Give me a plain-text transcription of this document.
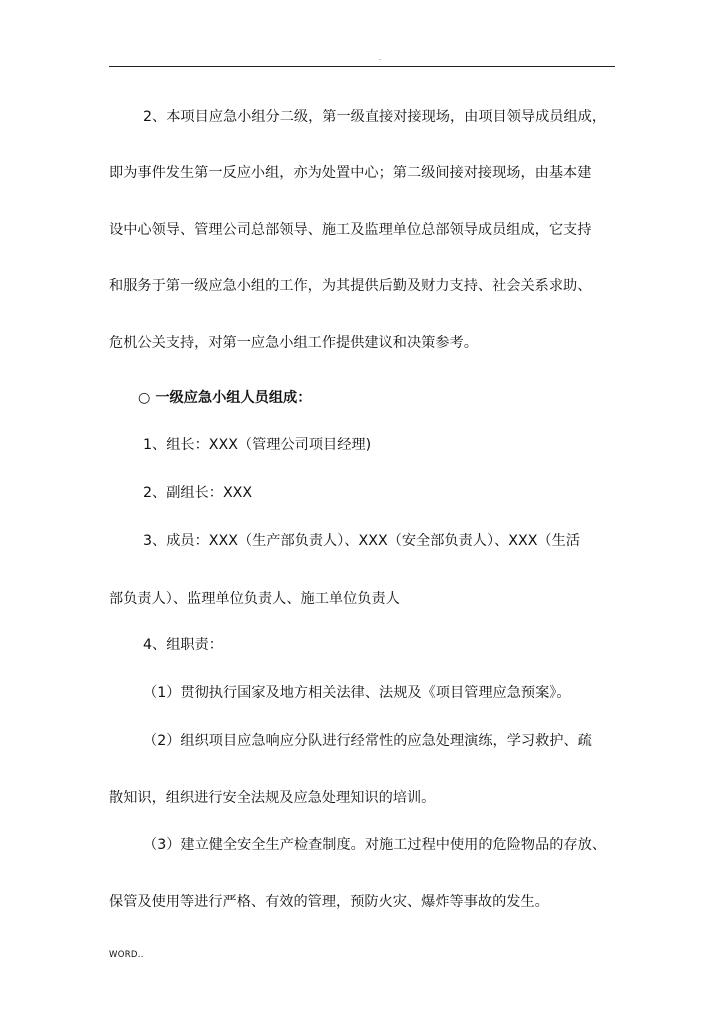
.
2、本项目应急小组分二级，第一级直接对接现场，由项目领导成员组成，
即为事件发生第一反应小组，亦为处置中心；第二级间接对接现场，由基本建
设中心领导、管理公司总部领导、施工及监理单位总部领导成员组成，它支持
和服务于第一级应急小组的工作，为其提供后勤及财力支持、社会关系求助、
危机公关支持，对第一应急小组工作提供建议和决策参考。
○ 一级应急小组人员组成：
1、组长：XXX（管理公司项目经理)
2、副组长：XXX
3、成员：XXX（生产部负责人）、XXX（安全部负责人）、XXX（生活
部负责人）、监理单位负责人、施工单位负责人
4、组职责：
（1）贯彻执行国家及地方相关法律、法规及《项目管理应急预案》。
（2）组织项目应急响应分队进行经常性的应急处理演练，学习救护、疏
散知识，组织进行安全法规及应急处理知识的培训。
（3）建立健全安全生产检查制度。对施工过程中使用的危险物品的存放、
保管及使用等进行严格、有效的管理，预防火灾、爆炸等事故的发生。
WORD..
